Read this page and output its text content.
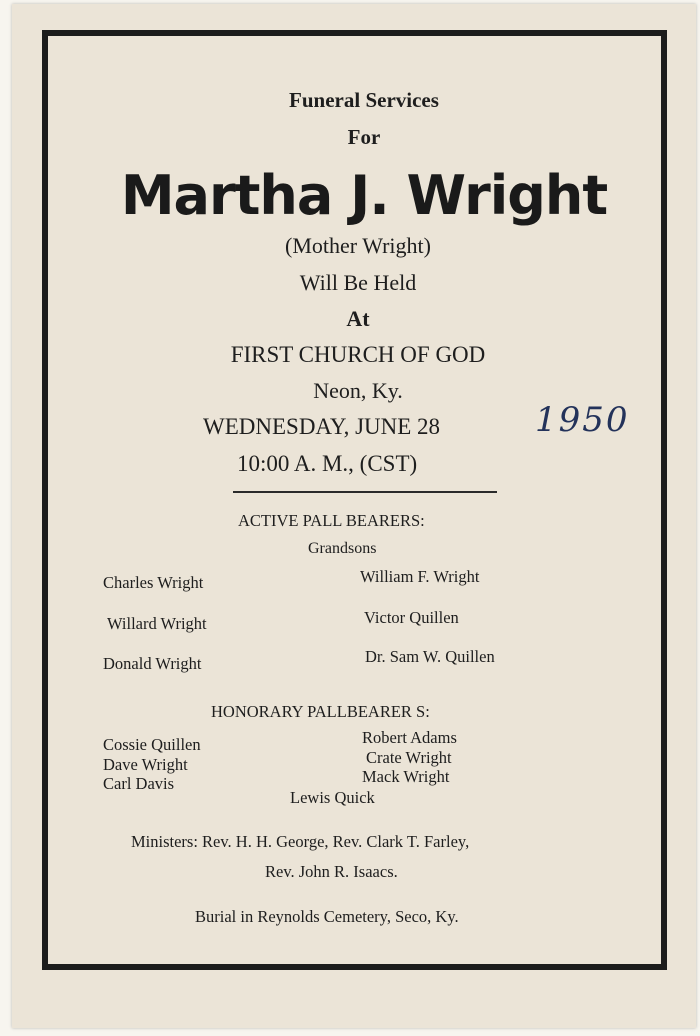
Funeral Services
For
Martha J. Wright
(Mother Wright)
Will Be Held
At
FIRST CHURCH OF GOD
Neon, Ky.
WEDNESDAY, JUNE 28	1950
10:00 A. M., (CST)
ACTIVE PALL BEARERS:
Grandsons
Charles Wright
Willard Wright
Donald Wright
William F. Wright
Victor Quillen
Dr. Sam W. Quillen
HONORARY PALLBEARER S:
Cossie Quillen
Dave Wright
Carl Davis
Robert Adams
Crate Wright
Mack Wright
Lewis Quick
Ministers: Rev. H. H. George, Rev. Clark T. Farley,
Rev. John R. Isaacs.
Burial in Reynolds Cemetery, Seco, Ky.
